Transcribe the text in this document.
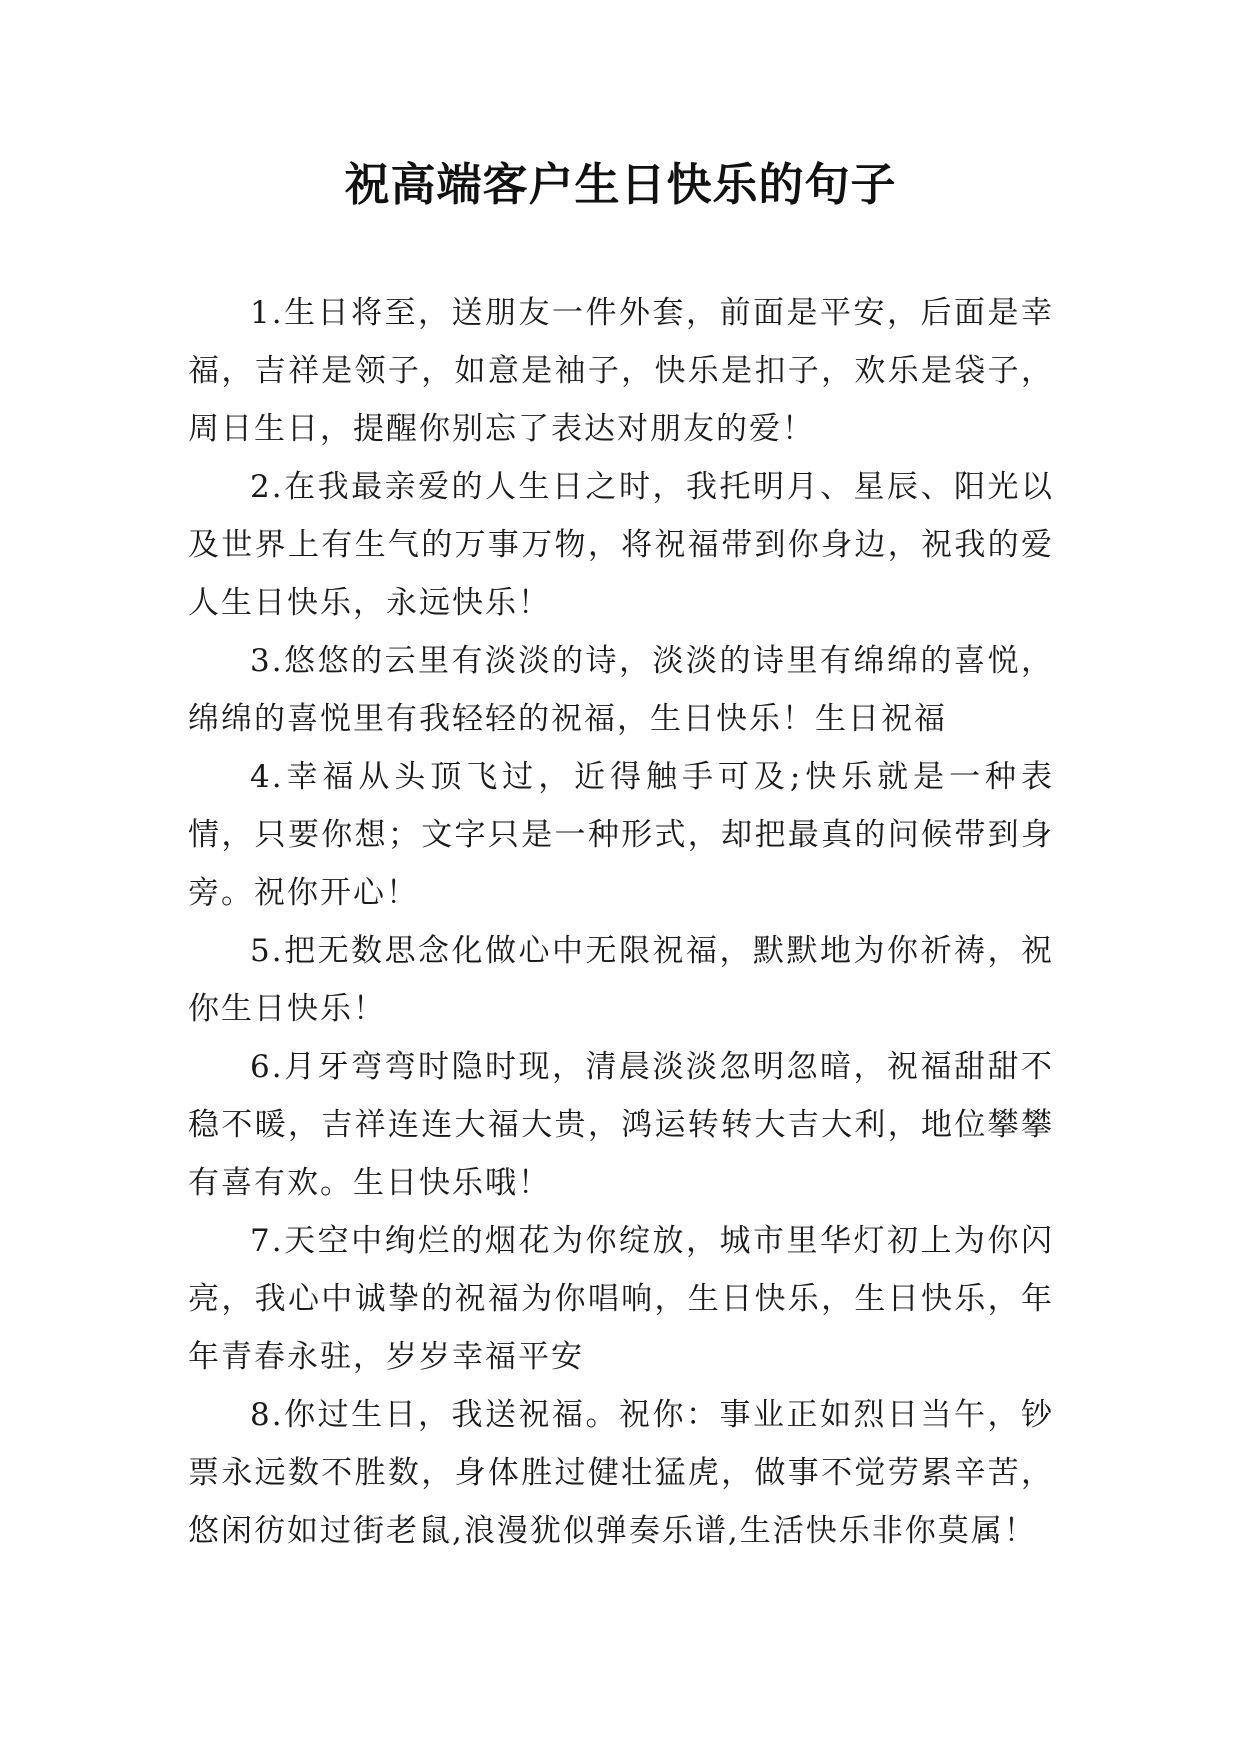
祝高端客户生日快乐的句子

1.生日将至，送朋友一件外套，前面是平安，后面是幸福，吉祥是领子，如意是袖子，快乐是扣子，欢乐是袋子，周日生日，提醒你别忘了表达对朋友的爱！

2.在我最亲爱的人生日之时，我托明月、星辰、阳光以及世界上有生气的万事万物，将祝福带到你身边，祝我的爱人生日快乐，永远快乐！

3.悠悠的云里有淡淡的诗，淡淡的诗里有绵绵的喜悦，绵绵的喜悦里有我轻轻的祝福，生日快乐！生日祝福

4.幸福从头顶飞过，近得触手可及;快乐就是一种表情，只要你想；文字只是一种形式，却把最真的问候带到身旁。祝你开心！

5.把无数思念化做心中无限祝福，默默地为你祈祷，祝你生日快乐！

6.月牙弯弯时隐时现，清晨淡淡忽明忽暗，祝福甜甜不稳不暖，吉祥连连大福大贵，鸿运转转大吉大利，地位攀攀有喜有欢。生日快乐哦！

7.天空中绚烂的烟花为你绽放，城市里华灯初上为你闪亮，我心中诚挚的祝福为你唱响，生日快乐，生日快乐，年年青春永驻，岁岁幸福平安

8.你过生日，我送祝福。祝你：事业正如烈日当午，钞票永远数不胜数，身体胜过健壮猛虎，做事不觉劳累辛苦，悠闲彷如过街老鼠,浪漫犹似弹奏乐谱,生活快乐非你莫属！
